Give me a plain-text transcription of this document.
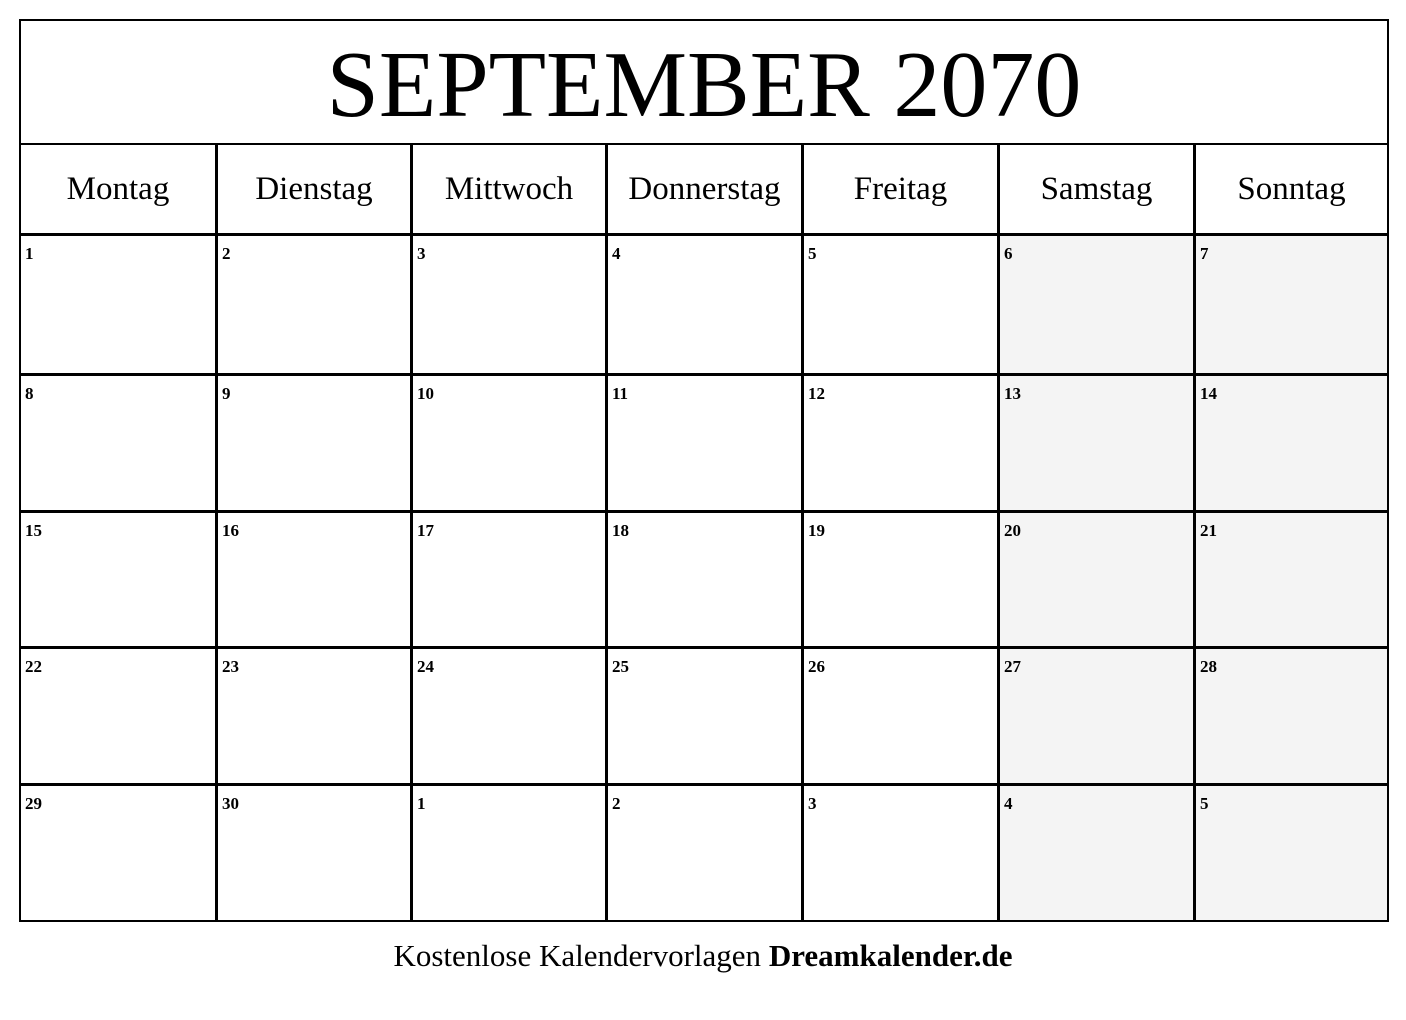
SEPTEMBER 2070
Montag	Dienstag	Mittwoch	Donnerstag	Freitag	Samstag	Sonntag
1	2	3	4	5	6	7
8	9	10	11	12	13	14
15	16	17	18	19	20	21
22	23	24	25	26	27	28
29	30	1	2	3	4	5
Kostenlose Kalendervorlagen Dreamkalender.de
